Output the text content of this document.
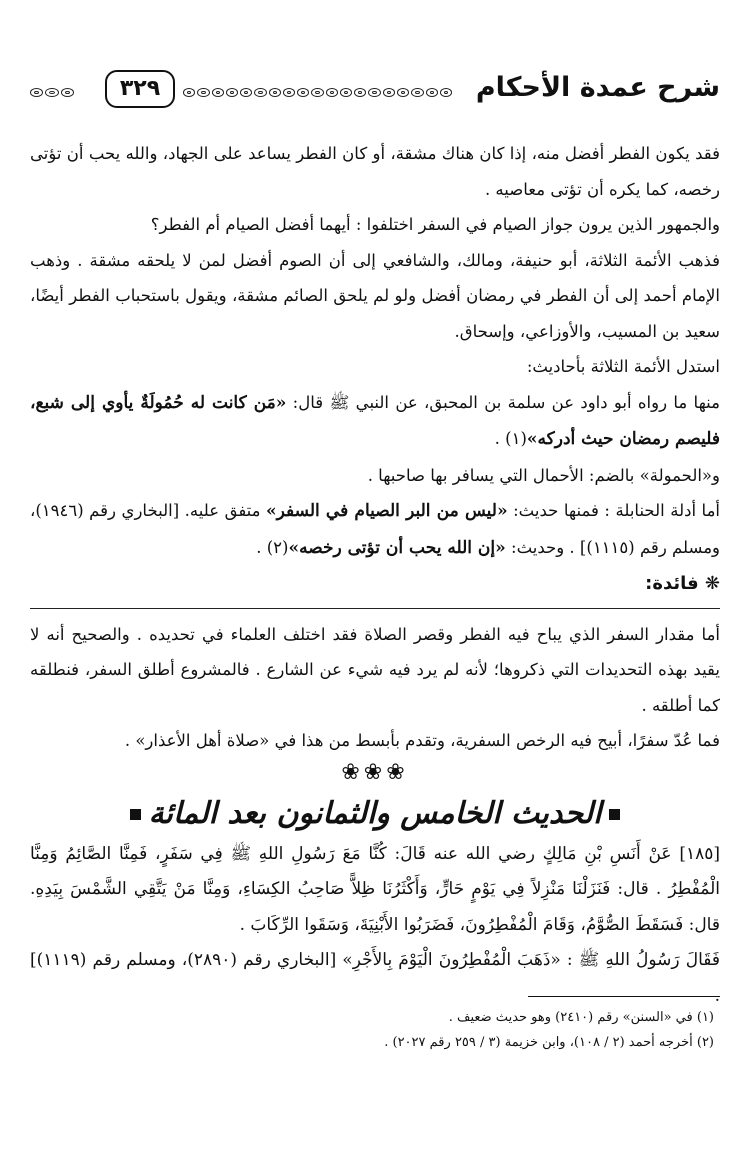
شرح عمدة الأحكام
٣٢٩

فقد يكون الفطر أفضل منه، إذا كان هناك مشقة، أو كان الفطر يساعد على الجهاد، والله يحب أن تؤتى رخصه، كما يكره أن تؤتى معاصيه .

والجمهور الذين يرون جواز الصيام في السفر اختلفوا : أيهما أفضل الصيام أم الفطر؟

فذهب الأئمة الثلاثة، أبو حنيفة، ومالك، والشافعي إلى أن الصوم أفضل لمن لا يلحقه مشقة . وذهب الإمام أحمد إلى أن الفطر في رمضان أفضل ولو لم يلحق الصائم مشقة، ويقول باستحباب الفطر أيضًا، سعيد بن المسيب، والأوزاعي، وإسحاق.

استدل الأئمة الثلاثة بأحاديث:

منها ما رواه أبو داود عن سلمة بن المحبق، عن النبي ﷺ قال: «مَن كانت له حُمُولَةٌ يأوي إلى شبع، فليصم رمضان حيث أدركه»(١) .

و«الحمولة» بالضم: الأحمال التي يسافر بها صاحبها .

أما أدلة الحنابلة : فمنها حديث: «ليس من البر الصيام في السفر» متفق عليه. [البخاري رقم (١٩٤٦)، ومسلم رقم (١١١٥)] . وحديث: «إن الله يحب أن تؤتى رخصه»(٢) .

❋ فائدة:

أما مقدار السفر الذي يباح فيه الفطر وقصر الصلاة فقد اختلف العلماء في تحديده . والصحيح أنه لا يقيد بهذه التحديدات التي ذكروها؛ لأنه لم يرد فيه شيء عن الشارع . فالمشروع أطلق السفر، فنطلقه كما أطلقه .

فما عُدّ سفرًا، أبيح فيه الرخص السفرية، وتقدم بأبسط من هذا في «صلاة أهل الأعذار» .

❀❀❀
الحديث الخامس والثمانون بعد المائة

[١٨٥] عَنْ أَنَسِ بْنِ مَالِكٍ رضي الله عنه قَالَ: كُنَّا مَعَ رَسُولِ اللهِ ﷺ فِي سَفَرٍ، فَمِنَّا الصَّائِمُ وَمِنَّا الْمُفْطِرُ . قال: فَنَزَلْنَا مَنْزِلاً فِي يَوْمٍ حَارٍّ، وَأَكْثَرُنَا ظِلاًّ صَاحِبُ الكِسَاءِ، وَمِنَّا مَنْ يَتَّقِي الشَّمْسَ بِيَدِهِ. قال: فَسَقَطَ الصُّوَّمُ، وَقَامَ الْمُفْطِرُونَ، فَضَرَبُوا الأَبْنِيَةَ، وَسَقَوا الرِّكَابَ .

فَقَالَ رَسُولُ اللهِ ﷺ : «ذَهَبَ الْمُفْطِرُونَ الْيَوْمَ بِالأَجْرِ» [البخاري رقم (٢٨٩٠)، ومسلم رقم (١١١٩)]

(١) في «السنن» رقم (٢٤١٠) وهو حديث ضعيف .

(٢) أخرجه أحمد (٢ / ١٠٨)، وابن خزيمة (٣ / ٢٥٩ رقم ٢٠٢٧) .
